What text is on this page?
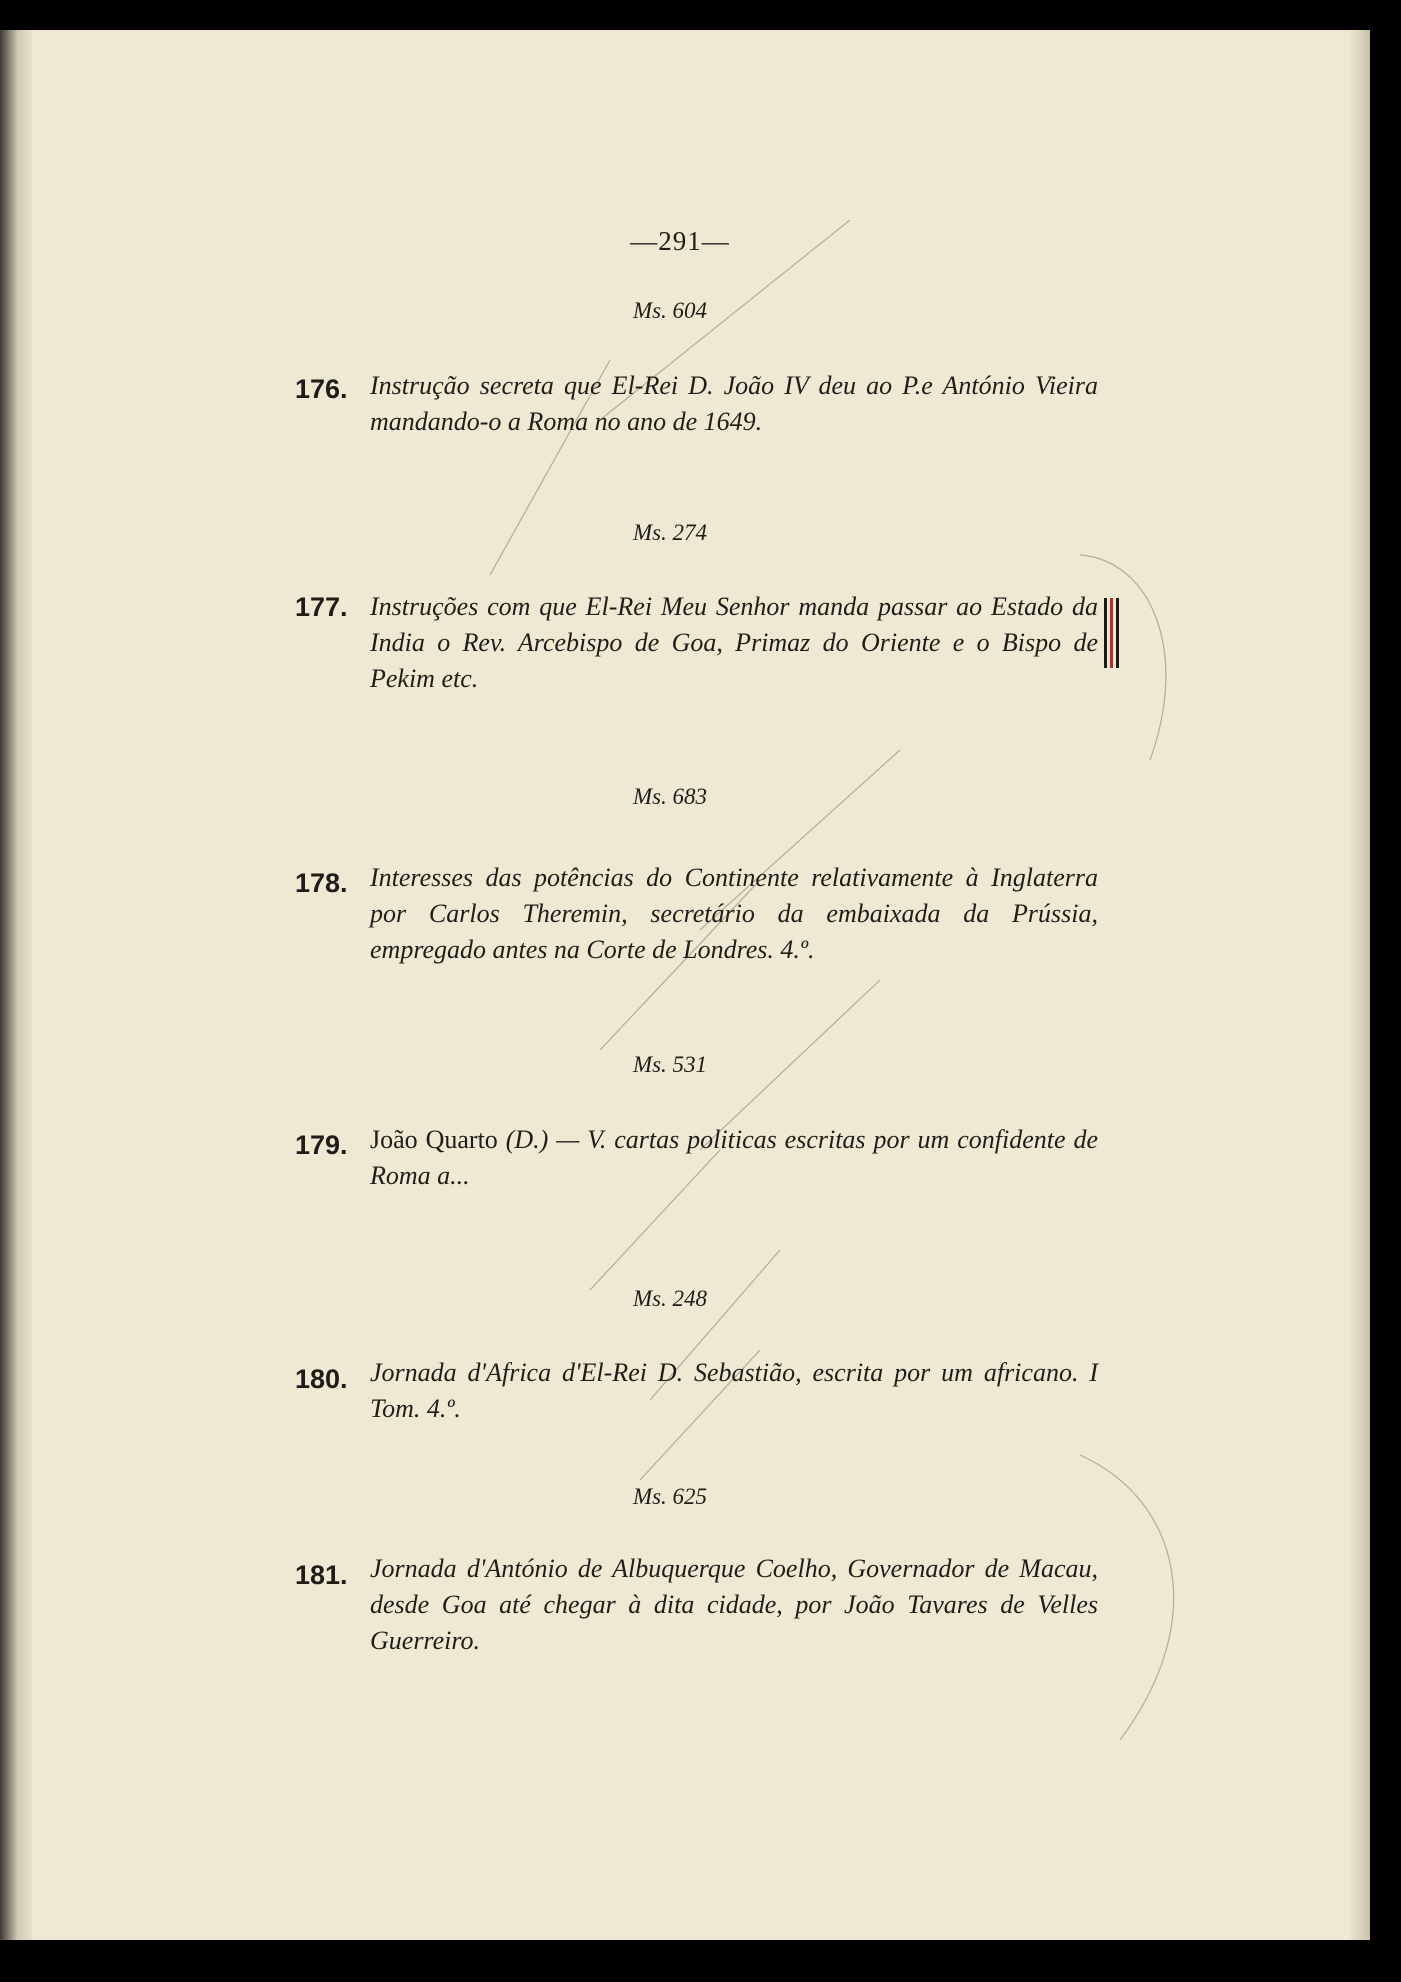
—291—
Ms. 604
176. Instrução secreta que El-Rei D. João IV deu ao P.e António Vieira mandando-o a Roma no ano de 1649.
Ms. 274
177. Instruções com que El-Rei Meu Senhor manda passar ao Estado da India o Rev. Arcebispo de Goa, Primaz do Oriente e o Bispo de Pekim etc.
Ms. 683
178. Interesses das potências do Continente relativamente à Inglaterra por Carlos Theremin, secretário da embaixada da Prússia, empregado antes na Corte de Londres. 4.º.
Ms. 531
179. João Quarto (D.) — V. cartas politicas escritas por um confidente de Roma a...
Ms. 248
180. Jornada d'Africa d'El-Rei D. Sebastião, escrita por um africano. I Tom. 4.º.
Ms. 625
181. Jornada d'António de Albuquerque Coelho, Governador de Macau, desde Goa até chegar à dita cidade, por João Tavares de Velles Guerreiro.
